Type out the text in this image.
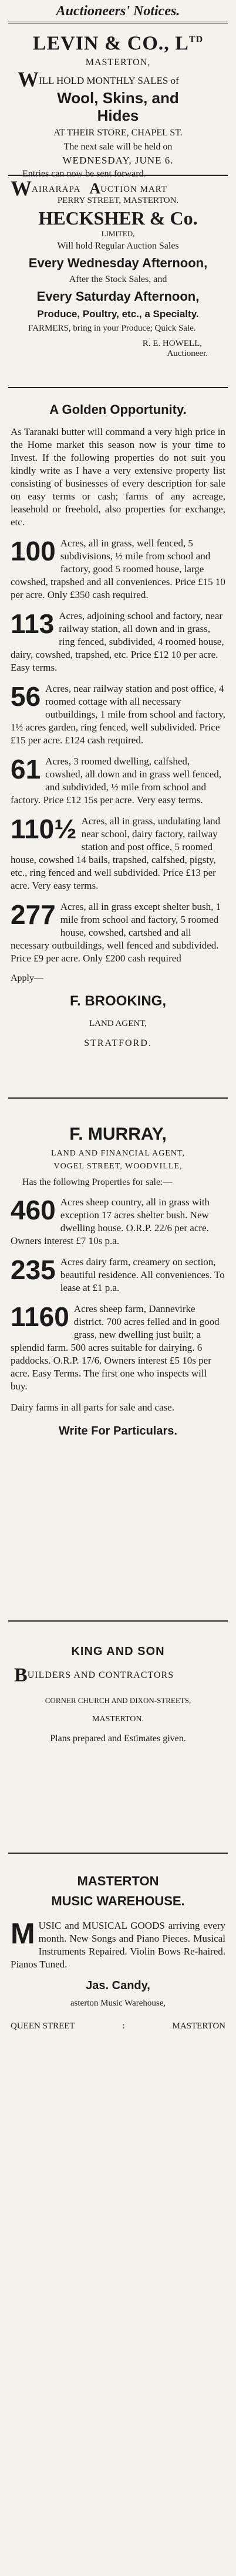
Auctioneers' Notices.
LEVIN & CO., $L^{TD}$
MASTERTON,
WILL HOLD MONTHLY SALES of
Wool, Skins, and
Hides
AT THEIR STORE, CHAPEL ST.
The next sale will be held on
WEDNESDAY, JUNE 6.
Entries can now be sent forward.
WAIRARAPA AUCTION MART
PERRY STREET, MASTERTON.
HECKSHER & Co.
LIMITED,
Will hold Regular Auction Sales
Every Wednesday Afternoon,
After the Stock Sales, and
Every Saturday Afternoon,
Produce, Poultry, etc., a Specialty.
FARMERS, bring in your Produce; Quick Sale.
R. E. HOWELL,
Auctioneer.
A Golden Opportunity.

As Taranaki butter will command a very high price in the Home market this season now is your time to Invest. If the following properties do not suit you kindly write as I have a very extensive property list consisting of businesses of every description for sale on easy terms or cash; farms of any acreage, leasehold or freehold, also properties for exchange, etc.

100 Acres, all in grass, well fenced, 5 subdivisions, ½ mile from school and factory, good 5 roomed house, large cowshed, trapshed and all conveniences. Price £15 10 per acre. Only £350 cash required.
113 Acres, adjoining school and factory, near railway station, all down and in grass, ring fenced, subdivided, 4 roomed house, dairy, cowshed, trapshed, etc. Price £12 10 per acre. Easy terms.
56 Acres, near railway station and post office, 4 roomed cottage with all necessary outbuildings, 1 mile from school and factory, 1½ acres garden, ring fenced, well subdivided. Price £15 per acre. £124 cash required.
61 Acres, 3 roomed dwelling, calfshed, cowshed, all down and in grass well fenced, and subdivided, ½ mile from school and factory. Price £12 15s per acre. Very easy terms.
110½ Acres, all in grass, undulating land near school, dairy factory, railway station and post office, 5 roomed house, cowshed 14 bails, trapshed, calfshed, pigsty, etc., ring fenced and well subdivided. Price £13 per acre. Very easy terms.
277 Acres, all in grass except shelter bush, 1 mile from school and factory, 5 roomed house, cowshed, cartshed and all necessary outbuildings, well fenced and subdivided. Price £9 per acre. Only £200 cash required
Apply—
F. BROOKING,
LAND AGENT,
STRATFORD.
F. MURRAY,
LAND AND FINANCIAL AGENT,
VOGEL STREET, WOODVILLE,
Has the following Properties for sale:—
460 Acres sheep country, all in grass with exception 17 acres shelter bush. New dwelling house. O.R.P. 22/6 per acre. Owners interest £7 10s p.a.
235 Acres dairy farm, creamery on section, beautiful residence. All conveniences. To lease at £1 p.a.
1160 Acres sheep farm, Dannevirke district. 700 acres felled and in good grass, new dwelling just built; a splendid farm. 500 acres suitable for dairying. 6 paddocks. O.R.P. 17/6. Owners interest £5 10s per acre. Easy Terms. The first one who inspects will buy.

Dairy farms in all parts for sale and case.

Write For Particulars.
KING AND SON
BUILDERS AND CONTRACTORS
CORNER CHURCH AND DIXON-STREETS,
MASTERTON.
Plans prepared and Estimates given.
MASTERTON
MUSIC WAREHOUSE.
M USIC and MUSICAL GOODS arriving every month. New Songs and Piano Pieces. Musical Instruments Repaired. Violin Bows Re-haired. Pianos Tuned.
Jas. Candy,
asterton Music Warehouse,
QUEEN STREET	:	MASTERTON
